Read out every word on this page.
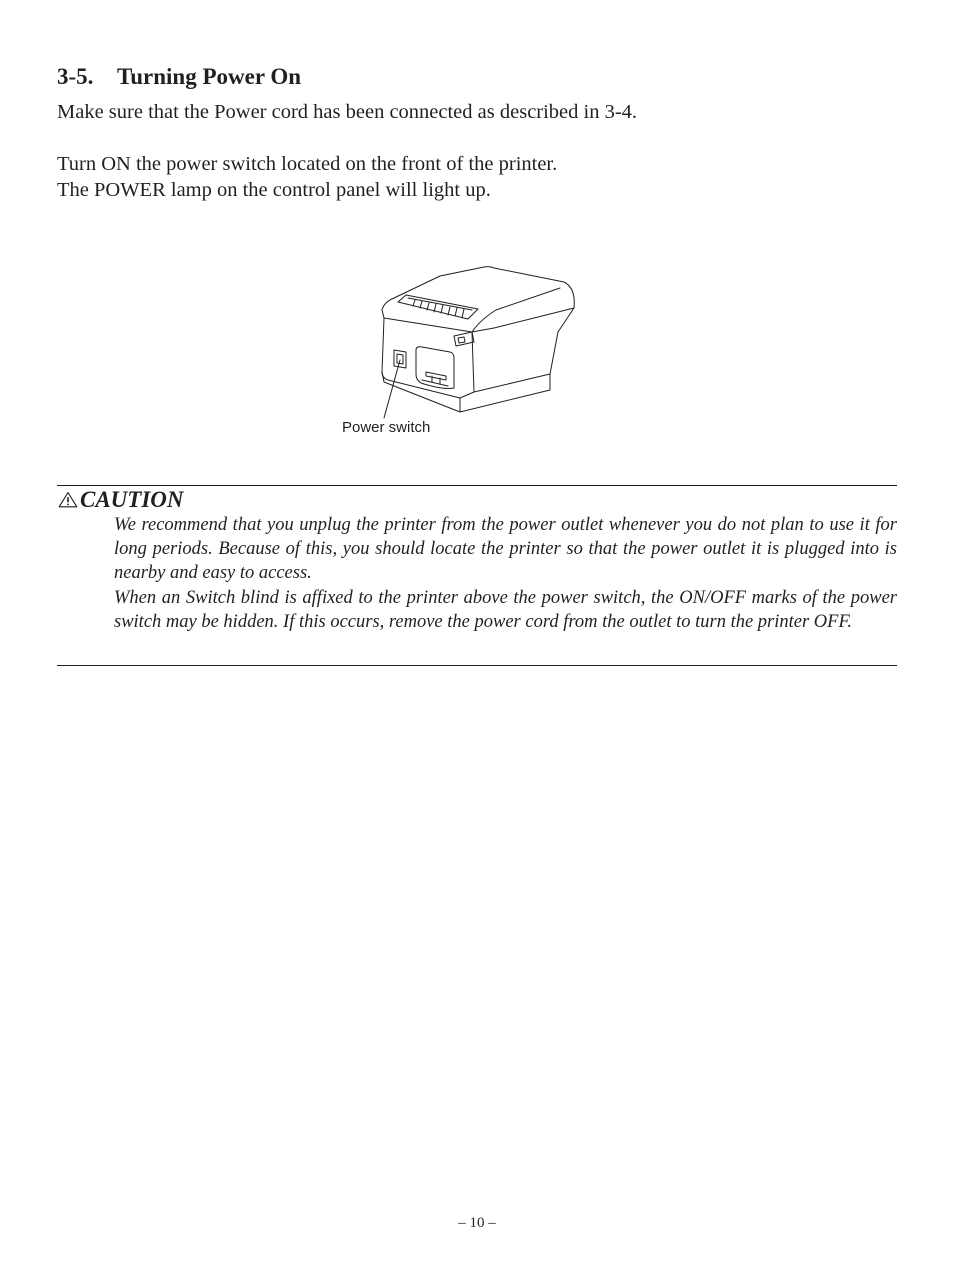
3-5. Turning Power On

Make sure that the Power cord has been connected as described in 3-4.

Turn ON the power switch located on the front of the printer.

The POWER lamp on the control panel will light up.

Power switch

CAUTION

We recommend that you unplug the printer from the power outlet whenever you do not plan to use it for long periods. Because of this, you should locate the printer so that the power outlet it is plugged into is nearby and easy to access.

When an Switch blind is affixed to the printer above the power switch, the ON/OFF marks of the power switch may be hidden. If this occurs, remove the power cord from the outlet to turn the printer OFF.

– 10 –
